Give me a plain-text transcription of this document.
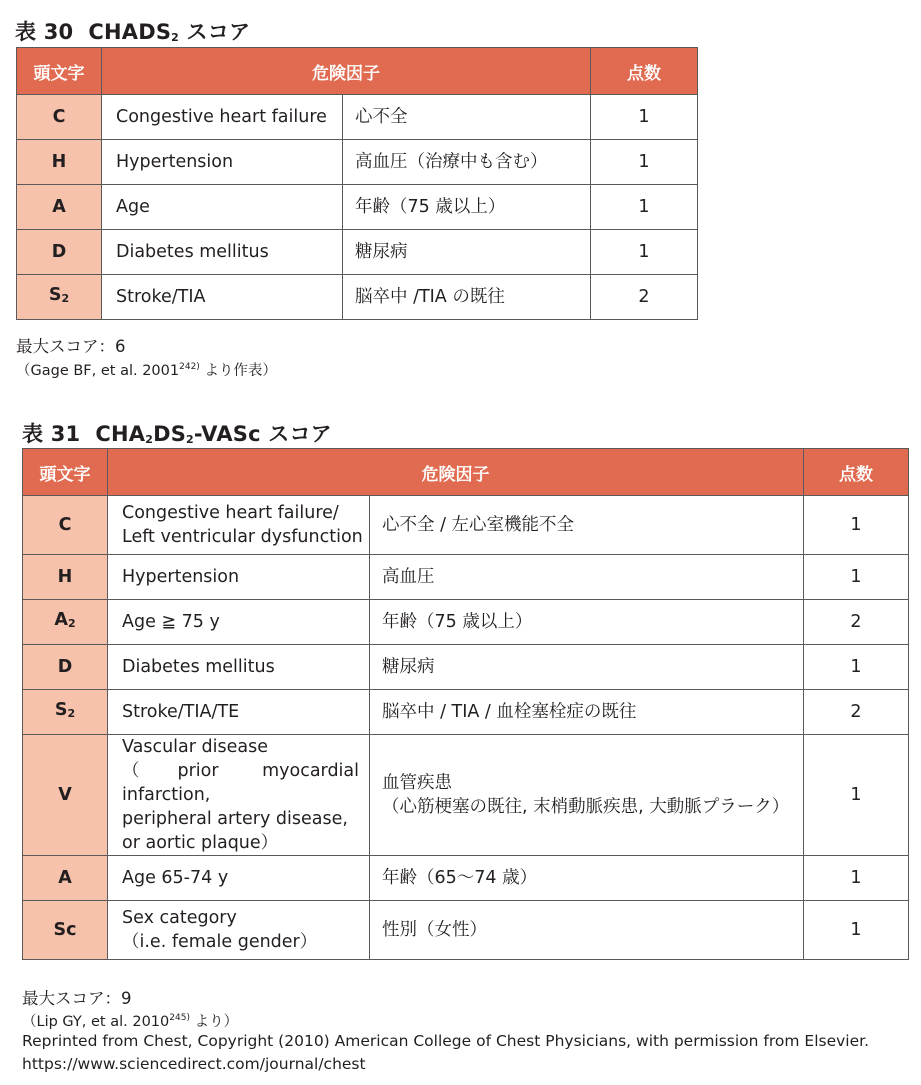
表 30 $CHADS_2$ スコア
頭文字	危険因子		点数
C	Congestive heart failure	心不全	1
H	Hypertension	高血圧（治療中も含む）	1
A	Age	年齢（75 歳以上）	1
D	Diabetes mellitus	糖尿病	1
$S_2$	Stroke/TIA	脳卒中 /TIA の既往	2
最大スコア：6
（Gage BF, et al. 2001$^{242)}$ より作表）
表 31 $CHA_2DS_2$-VASc スコア
頭文字	危険因子		点数
C	Congestive heart failure/
Left ventricular dysfunction	心不全 / 左心室機能不全	1
H	Hypertension	高血圧	1
$A_2$	Age ≧ 75 y	年齢（75 歳以上）	2
D	Diabetes mellitus	糖尿病	1
$S_2$	Stroke/TIA/TE	脳卒中 / TIA / 血栓塞栓症の既往	2
V	Vascular disease
（prior myocardial infarction,
peripheral artery disease,
or aortic plaque）	血管疾患
（心筋梗塞の既往, 末梢動脈疾患, 大動脈プラーク）	1
A	Age 65-74 y	年齢（65～74 歳）	1
Sc	Sex category
（i.e. female gender）	性別（女性）	1
最大スコア：9
（Lip GY, et al. 2010$^{245)}$ より）
Reprinted from Chest, Copyright (2010) American College of Chest Physicians, with permission from Elsevier.
https://www.sciencedirect.com/journal/chest
